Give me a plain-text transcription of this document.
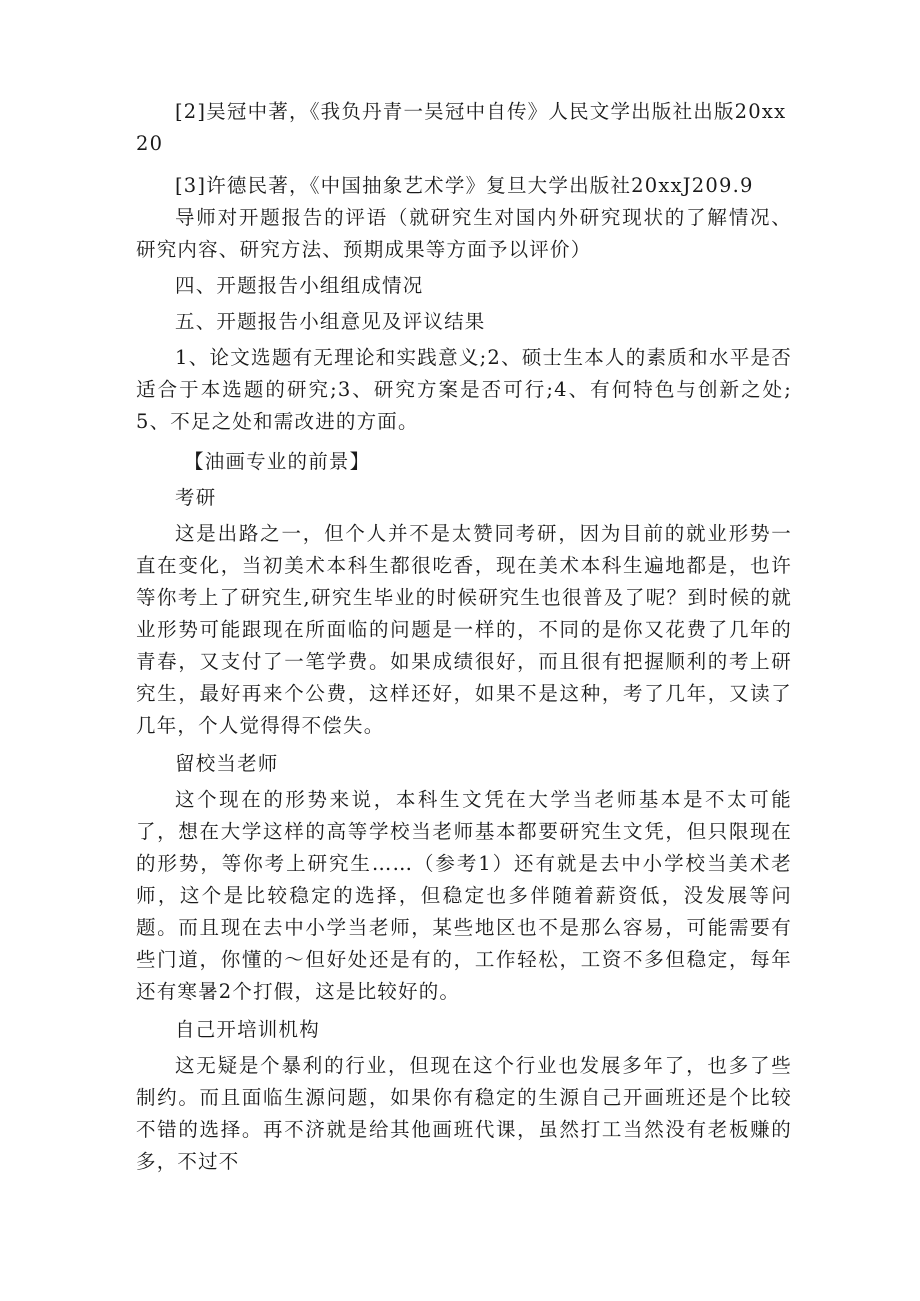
[2]吴冠中著，《我负丹青一吴冠中自传》人民文学出版社出版20xx20

[3]许德民著，《中国抽象艺术学》复旦大学出版社20xxJ209.9

导师对开题报告的评语（就研究生对国内外研究现状的了解情况、研究内容、研究方法、预期成果等方面予以评价）

四、开题报告小组组成情况

五、开题报告小组意见及评议结果

1、论文选题有无理论和实践意义;2、硕士生本人的素质和水平是否适合于本选题的研究;3、研究方案是否可行;4、有何特色与创新之处;5、不足之处和需改进的方面。

【油画专业的前景】

考研

这是出路之一，但个人并不是太赞同考研，因为目前的就业形势一直在变化，当初美术本科生都很吃香，现在美术本科生遍地都是，也许等你考上了研究生,研究生毕业的时候研究生也很普及了呢？到时候的就业形势可能跟现在所面临的问题是一样的，不同的是你又花费了几年的青春，又支付了一笔学费。如果成绩很好，而且很有把握顺利的考上研究生，最好再来个公费，这样还好，如果不是这种，考了几年，又读了几年，个人觉得得不偿失。

留校当老师

这个现在的形势来说，本科生文凭在大学当老师基本是不太可能了，想在大学这样的高等学校当老师基本都要研究生文凭，但只限现在的形势，等你考上研究生……（参考1）还有就是去中小学校当美术老师，这个是比较稳定的选择，但稳定也多伴随着薪资低，没发展等问题。而且现在去中小学当老师，某些地区也不是那么容易，可能需要有些门道，你懂的～但好处还是有的，工作轻松，工资不多但稳定，每年还有寒暑2个打假，这是比较好的。

自己开培训机构

这无疑是个暴利的行业，但现在这个行业也发展多年了，也多了些制约。而且面临生源问题，如果你有稳定的生源自己开画班还是个比较不错的选择。再不济就是给其他画班代课，虽然打工当然没有老板赚的多，不过不
